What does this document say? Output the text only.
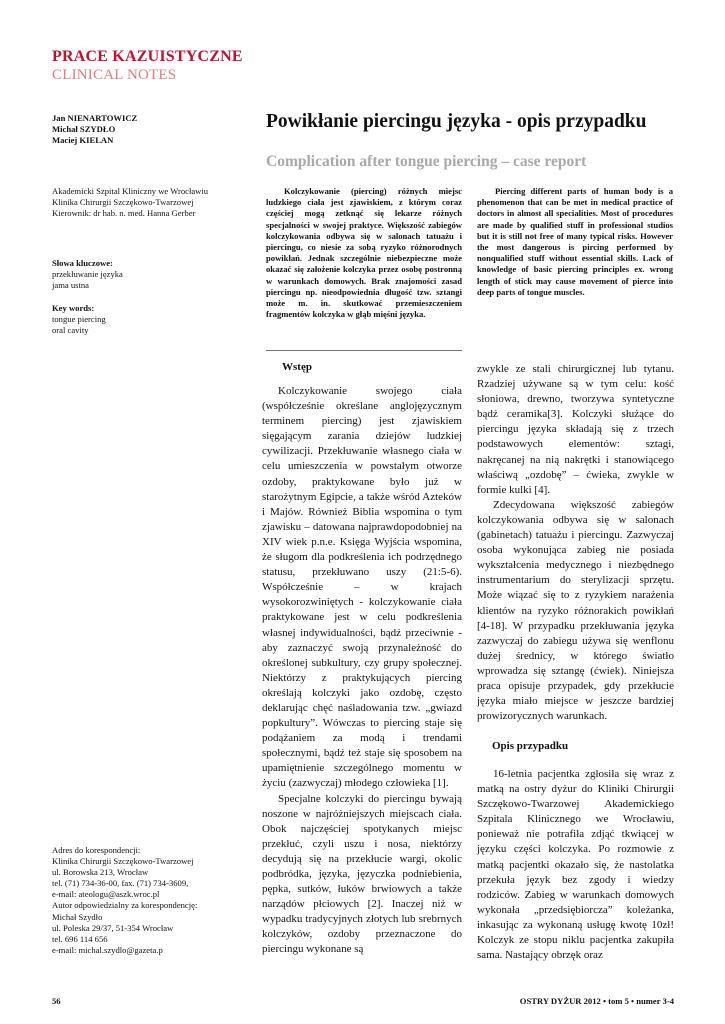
PRACE KAZUISTYCZNE
CLINICAL NOTES
Jan NIENARTOWICZ
Michał SZYDŁO
Maciej KIELAN
Powikłanie piercingu języka - opis przypadku
Complication after tongue piercing – case report
Akademicki Szpital Kliniczny we Wrocławiu
Klinika Chirurgii Szczękowo-Twarzowej
Kierownik: dr hab. n. med. Hanna Gerber
Słowa kluczowe:
przekłuwanie języka
jama ustna
Key words:
tongue piercing
oral cavity
Kolczykowanie (piercing) różnych miejsc ludzkiego ciała jest zjawiskiem, z którym coraz częściej mogą zetknąć się lekarze różnych specjalności w swojej praktyce. Większość zabiegów kolczykowania odbywa się w salonach tatuażu i piercingu, co niesie za sobą ryzyko różnorodnych powikłań. Jednak szczególnie niebezpieczne może okazać się założenie kolczyka przez osobę postronną w warunkach domowych. Brak znajomości zasad piercingu np. nieodpowiednia długość tzw. sztangi może m. in. skutkować przemieszczeniem fragmentów kolczyka w głąb mięśni języka.
Piercing different parts of human body is a phenomenon that can be met in medical practice of doctors in almost all specialities. Most of procedures are made by qualified stuff in professional studios but it is still not free of many typical risks. However the most dangerous is pircing performed by nonqualified stuff without essential skills. Lack of knowledge of basic piercing principles ex. wrong length of stick may cause movement of pierce into deep parts of tongue muscles.
Wstęp

Kolczykowanie swojego ciała (współcześnie określane anglojęzycznym terminem piercing) jest zjawiskiem sięgającym zarania dziejów ludzkiej cywilizacji. Przekłuwanie własnego ciała w celu umieszczenia w powstałym otworze ozdoby, praktykowane było już w starożytnym Egipcie, a także wśród Azteków i Majów. Również Biblia wspomina o tym zjawisku – datowana najprawdopodobniej na XIV wiek p.n.e. Księga Wyjścia wspomina, że sługom dla podkreślenia ich podrzędnego statusu, przekłuwano uszy (21:5-6). Współcześnie – w krajach wysokorozwiniętych - kolczykowanie ciała praktykowane jest w celu podkreślenia własnej indywidualności, bądź przeciwnie - aby zaznaczyć swoją przynależność do określonej subkultury, czy grupy społecznej. Niektórzy z praktykujących piercing określają kolczyki jako ozdobę, często deklarując chęć naśladowania tzw. „gwiazd popkultury”. Wówczas to piercing staje się podążaniem za modą i trendami społecznymi, bądź też staje się sposobem na upamiętnienie szczególnego momentu w życiu (zazwyczaj) młodego człowieka [1].

Specjalne kolczyki do piercingu bywają noszone w najróżniejszych miejscach ciała. Obok najczęściej spotykanych miejsc przekłuć, czyli uszu i nosa, niektórzy decydują się na przekłucie wargi, okolic podbródka, języka, języczka podniebienia, pępka, sutków, łuków brwiowych a także narządów płciowych [2]. Inaczej niż w wypadku tradycyjnych złotych lub srebrnych kolczyków, ozdoby przeznaczone do piercingu wykonane są

zwykle ze stali chirurgicznej lub tytanu. Rzadziej używane są w tym celu: kość słoniowa, drewno, tworzywa syntetyczne bądź ceramika[3]. Kolczyki służące do piercingu języka składają się z trzech podstawowych elementów: sztagi, nakręcanej na nią nakrętki i stanowiącego właściwą „ozdobę” – ćwieka, zwykle w formie kulki [4].

Zdecydowana większość zabiegów kolczykowania odbywa się w salonach (gabinetach) tatuażu i piercingu. Zazwyczaj osoba wykonująca zabieg nie posiada wykształcenia medycznego i niezbędnego instrumentarium do sterylizacji sprzętu. Może wiązać się to z ryzykiem narażenia klientów na ryzyko różnorakich powikłań [4-18]. W przypadku przekłuwania języka zazwyczaj do zabiegu używa się wenflonu dużej średnicy, w którego światło wprowadza się sztangę (ćwiek). Niniejsza praca opisuje przypadek, gdy przekłucie języka miało miejsce w jeszcze bardziej prowizorycznych warunkach.

Opis przypadku

16-letnia pacjentka zgłosiła się wraz z matką na ostry dyżur do Kliniki Chirurgii Szczękowo-Twarzowej Akademickiego Szpitala Klinicznego we Wrocławiu, ponieważ nie potrafiła zdjąć tkwiącej w języku części kolczyka. Po rozmowie z matką pacjentki okazało się, że nastolatka przekuła język bez zgody i wiedzy rodziców. Zabieg w warunkach domowych wykonała „przedsiębiorcza” koleżanka, inkasując za wykonaną usługę kwotę 10zł! Kolczyk ze stopu niklu pacjentka zakupiła sama. Nastający obrzęk oraz

Adres do korespondencji:
Klinika Chirurgii Szczękowo-Twarzowej
ul. Borowska 213, Wrocław
tel. (71) 734-36-00, fax. (71) 734-3609,
e-mail: ateologu@aszk.wroc.pl
Autor odpowiedzialny za korespondencję:
Michał Szydło
ul. Poleska 29/37, 51-354 Wrocław
tel. 696 114 656
e-mail: michal.szydlo@gazeta.p
56	OSTRY DYŻUR 2012 • tom 5 • numer 3-4
